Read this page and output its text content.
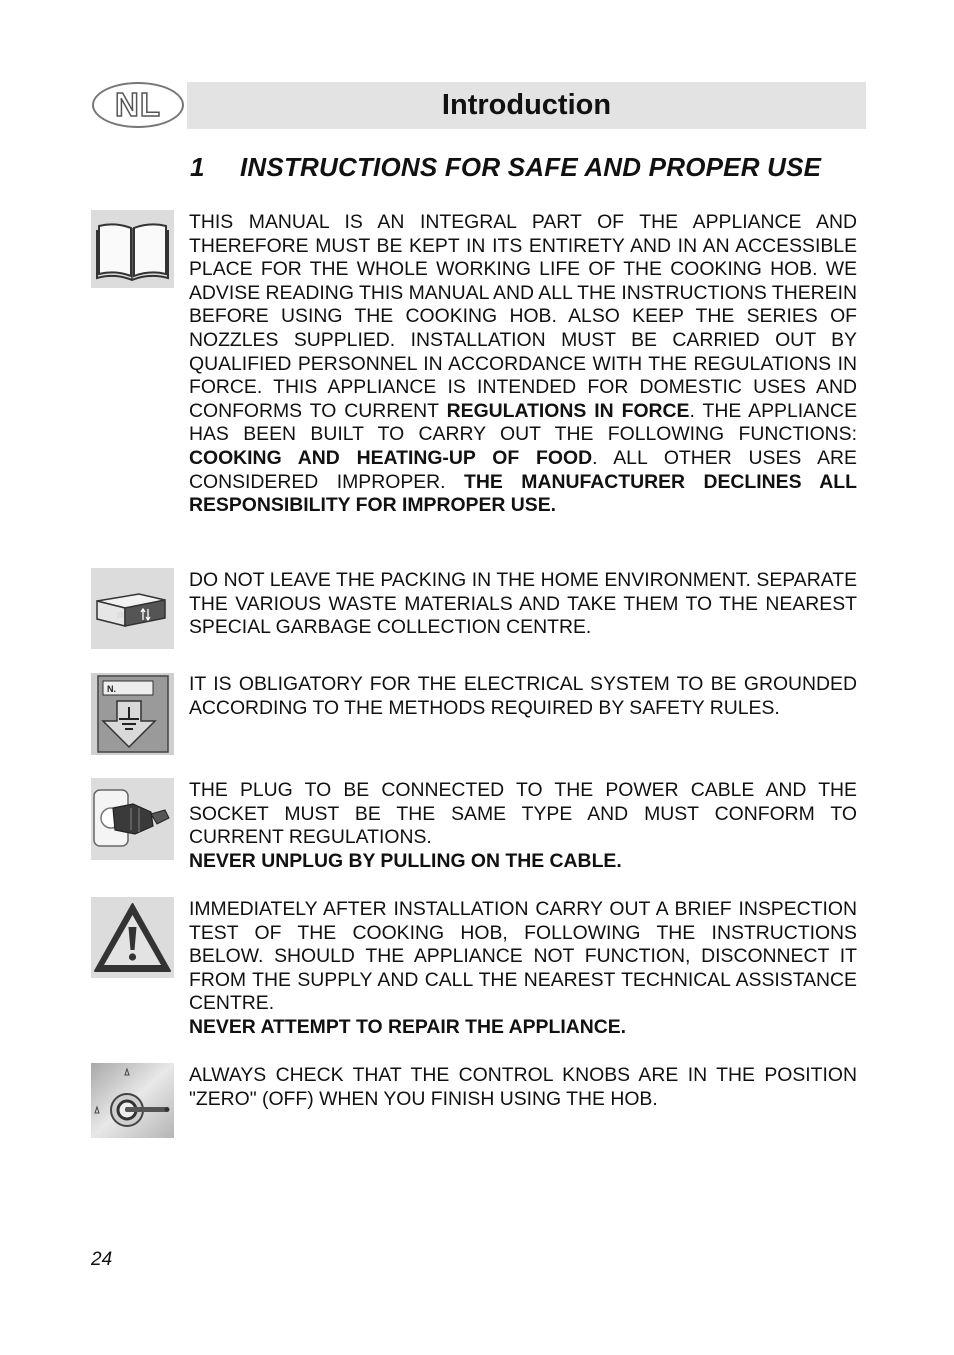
NL	Introduction
1 INSTRUCTIONS FOR SAFE AND PROPER USE

THIS MANUAL IS AN INTEGRAL PART OF THE APPLIANCE AND THEREFORE MUST BE KEPT IN ITS ENTIRETY AND IN AN ACCESSIBLE PLACE FOR THE WHOLE WORKING LIFE OF THE COOKING HOB. WE ADVISE READING THIS MANUAL AND ALL THE INSTRUCTIONS THEREIN BEFORE USING THE COOKING HOB. ALSO KEEP THE SERIES OF NOZZLES SUPPLIED. INSTALLATION MUST BE CARRIED OUT BY QUALIFIED PERSONNEL IN ACCORDANCE WITH THE REGULATIONS IN FORCE. THIS APPLIANCE IS INTENDED FOR DOMESTIC USES AND CONFORMS TO CURRENT REGULATIONS IN FORCE. THE APPLIANCE HAS BEEN BUILT TO CARRY OUT THE FOLLOWING FUNCTIONS: COOKING AND HEATING-UP OF FOOD. ALL OTHER USES ARE CONSIDERED IMPROPER. THE MANUFACTURER DECLINES ALL RESPONSIBILITY FOR IMPROPER USE.

DO NOT LEAVE THE PACKING IN THE HOME ENVIRONMENT. SEPARATE THE VARIOUS WASTE MATERIALS AND TAKE THEM TO THE NEAREST SPECIAL GARBAGE COLLECTION CENTRE.

N.	IT IS OBLIGATORY FOR THE ELECTRICAL SYSTEM TO BE GROUNDED ACCORDING TO THE METHODS REQUIRED BY SAFETY RULES.

THE PLUG TO BE CONNECTED TO THE POWER CABLE AND THE SOCKET MUST BE THE SAME TYPE AND MUST CONFORM TO CURRENT REGULATIONS.

NEVER UNPLUG BY PULLING ON THE CABLE.

IMMEDIATELY AFTER INSTALLATION CARRY OUT A BRIEF INSPECTION TEST OF THE COOKING HOB, FOLLOWING THE INSTRUCTIONS BELOW. SHOULD THE APPLIANCE NOT FUNCTION, DISCONNECT IT FROM THE SUPPLY AND CALL THE NEAREST TECHNICAL ASSISTANCE CENTRE.

NEVER ATTEMPT TO REPAIR THE APPLIANCE.

ALWAYS CHECK THAT THE CONTROL KNOBS ARE IN THE POSITION "ZERO" (OFF) WHEN YOU FINISH USING THE HOB.

24
